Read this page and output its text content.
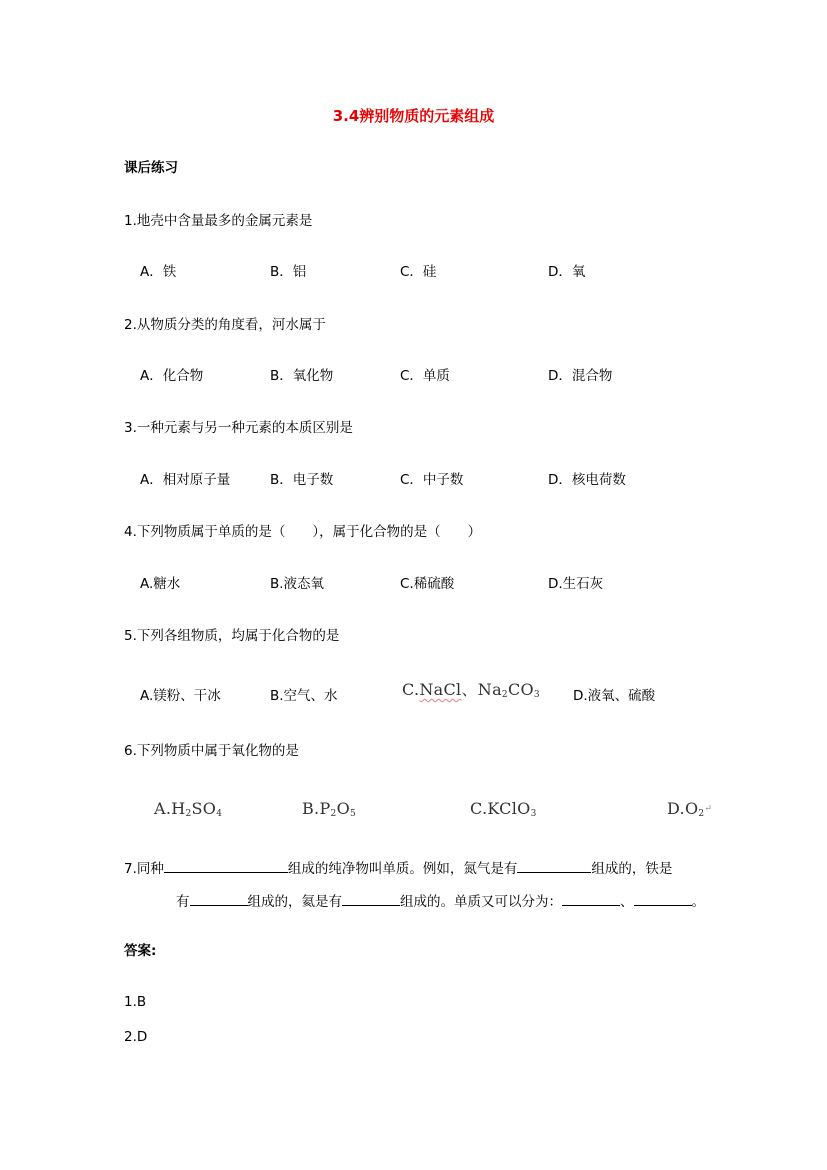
3.4辨别物质的元素组成
课后练习
1.地壳中含量最多的金属元素是
A．铁	B．铝	C．硅	D．氧
2.从物质分类的角度看，河水属于
A．化合物	B．氧化物	C．单质	D．混合物
3.一种元素与另一种元素的本质区别是
A．相对原子量	B．电子数	C．中子数	D．核电荷数
4.下列物质属于单质的是（　　），属于化合物的是（　　）
A.糖水	B.液态氧	C.稀硫酸	D.生石灰
5.下列各组物质，均属于化合物的是
A.镁粉、干冰	B.空气、水	C.NaCl、$Na_2CO_3$ D.液氧、硫酸
6.下列物质中属于氧化物的是
$A.H_2SO_4$	$B.P_2O_5$	C.KClO$_3$	$D.O_2^↵$
7.同种	组成的纯净物叫单质。例如，氮气是有	组成的，铁是
有	组成的，氦是有	组成的。单质又可以分为：	、	。
答案:
1.B
2.D
